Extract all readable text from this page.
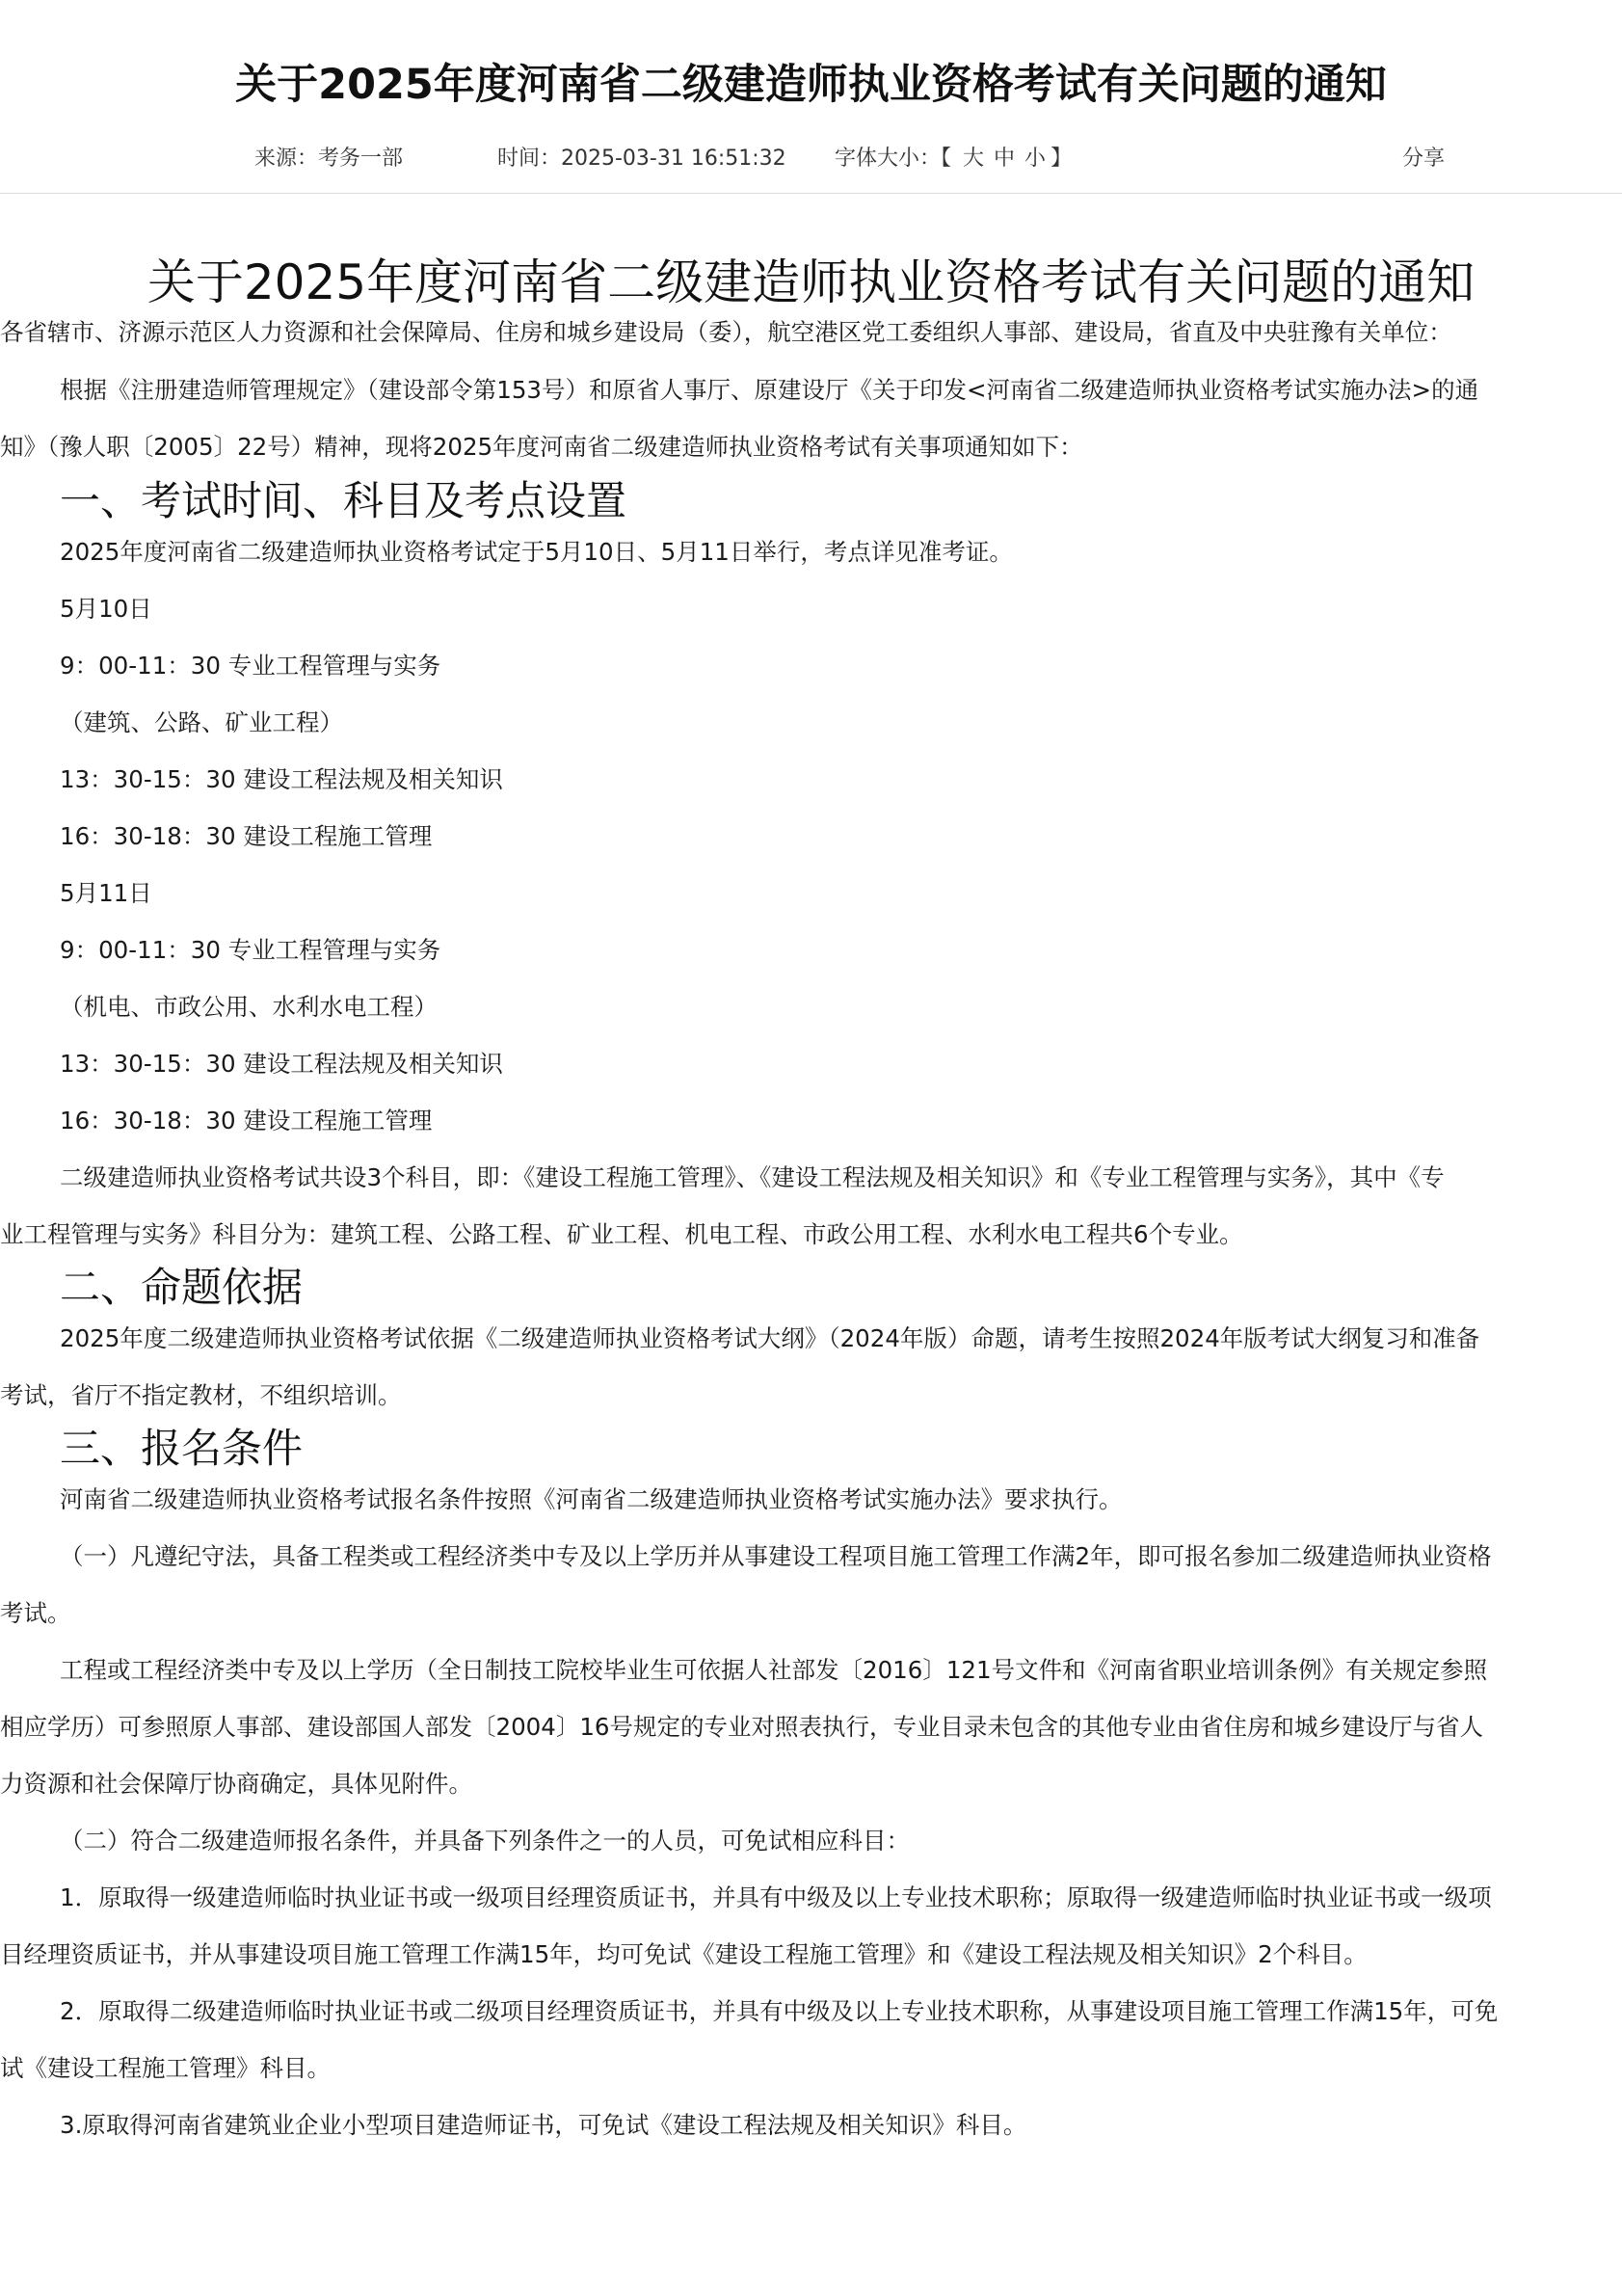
关于2025年度河南省二级建造师执业资格考试有关问题的通知
来源：考务一部	时间：2025-03-31 16:51:32 字体大小：【 大 中 小 】	分享
关于2025年度河南省二级建造师执业资格考试有关问题的通知
各省辖市、济源示范区人力资源和社会保障局、住房和城乡建设局（委），航空港区党工委组织人事部、建设局，省直及中央驻豫有关单位：
根据《注册建造师管理规定》（建设部令第153号）和原省人事厅、原建设厅《关于印发<河南省二级建造师执业资格考试实施办法>的通
知》（豫人职〔2005〕22号）精神，现将2025年度河南省二级建造师执业资格考试有关事项通知如下：
一、考试时间、科目及考点设置
2025年度河南省二级建造师执业资格考试定于5月10日、5月11日举行，考点详见准考证。
5月10日
9：00-11：30 专业工程管理与实务
（建筑、公路、矿业工程）
13：30-15：30 建设工程法规及相关知识
16：30-18：30 建设工程施工管理
5月11日
9：00-11：30 专业工程管理与实务
（机电、市政公用、水利水电工程）
13：30-15：30 建设工程法规及相关知识
16：30-18：30 建设工程施工管理
二级建造师执业资格考试共设3个科目，即：《建设工程施工管理》、《建设工程法规及相关知识》和《专业工程管理与实务》，其中《专
业工程管理与实务》科目分为：建筑工程、公路工程、矿业工程、机电工程、市政公用工程、水利水电工程共6个专业。
二、命题依据
2025年度二级建造师执业资格考试依据《二级建造师执业资格考试大纲》（2024年版）命题，请考生按照2024年版考试大纲复习和准备
考试，省厅不指定教材，不组织培训。
三、报名条件
河南省二级建造师执业资格考试报名条件按照《河南省二级建造师执业资格考试实施办法》要求执行。
（一）凡遵纪守法，具备工程类或工程经济类中专及以上学历并从事建设工程项目施工管理工作满2年，即可报名参加二级建造师执业资格
考试。
工程或工程经济类中专及以上学历（全日制技工院校毕业生可依据人社部发〔2016〕121号文件和《河南省职业培训条例》有关规定参照
相应学历）可参照原人事部、建设部国人部发〔2004〕16号规定的专业对照表执行，专业目录未包含的其他专业由省住房和城乡建设厅与省人
力资源和社会保障厅协商确定，具体见附件。
（二）符合二级建造师报名条件，并具备下列条件之一的人员，可免试相应科目：
1．原取得一级建造师临时执业证书或一级项目经理资质证书，并具有中级及以上专业技术职称；原取得一级建造师临时执业证书或一级项
目经理资质证书，并从事建设项目施工管理工作满15年，均可免试《建设工程施工管理》和《建设工程法规及相关知识》2个科目。
2．原取得二级建造师临时执业证书或二级项目经理资质证书，并具有中级及以上专业技术职称，从事建设项目施工管理工作满15年，可免
试《建设工程施工管理》科目。
3.原取得河南省建筑业企业小型项目建造师证书，可免试《建设工程法规及相关知识》科目。
